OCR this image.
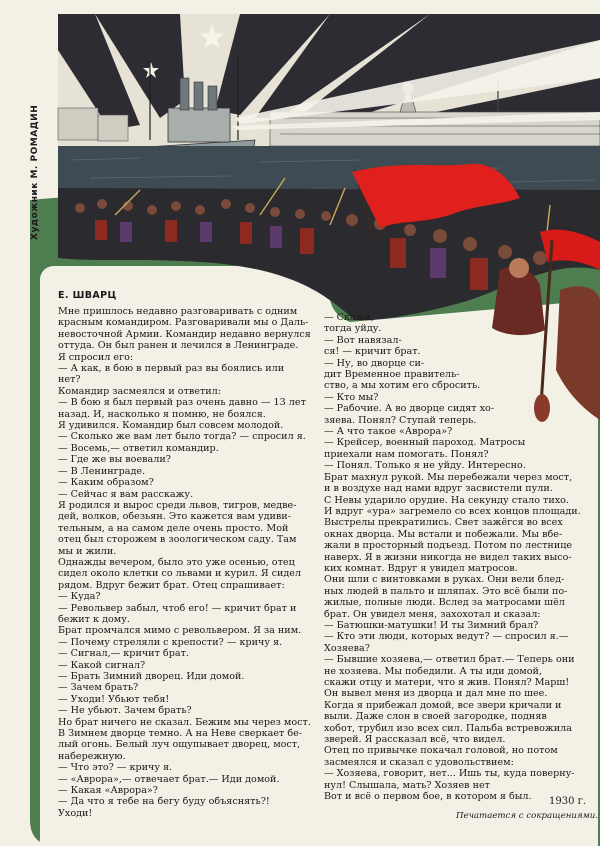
Художник М. РОМАДИН
Е. ШВАРЦ

Мне пришлось недавно разговаривать с одним

красным командиром. Разговаривали мы о Даль-

невосточной Армии. Командир недавно вернулся

оттуда. Он был ранен и лечился в Ленинграде.

Я спросил его:

— А как, в бою в первый раз вы боялись или

нет?

Командир засмеялся и ответил:

— В бою я был первый раз очень давно — 13 лет

назад. И, насколько я помню, не боялся.

Я удивился. Командир был совсем молодой.

— Сколько же вам лет было тогда? — спросил я.

— Восемь,— ответил командир.

— Где же вы воевали?

— В Ленинграде.

— Каким образом?

— Сейчас я вам расскажу.

Я родился и вырос среди львов, тигров, медве-

дей, волков, обезьян. Это кажется вам удиви-

тельным, а на самом деле очень просто. Мой

отец был сторожем в зоологическом саду. Там

мы и жили.

Однажды вечером, было это уже осенью, отец

сидел около клетки со львами и курил. Я сидел

рядом. Вдруг бежит брат. Отец спрашивает:

— Куда?

— Револьвер забыл, чтоб его! — кричит брат и

бежит к дому.

Брат промчался мимо с револьвером. Я за ним.

— Почему стреляли с крепости? — кричу я.

— Сигнал,— кричит брат.

— Какой сигнал?

— Брать Зимний дворец. Иди домой.

— Зачем брать?

— Уходи! Убьют тебя!

— Не убьют. Зачем брать?

Но брат ничего не сказал. Бежим мы через мост.

В Зимнем дворце темно. А на Неве сверкает бе-

лый огонь. Белый луч ощупывает дворец, мост,

набережную.

— Что это? — кричу я.

— «Аврора»,— отвечает брат.— Иди домой.

— Какая «Аврора»?

— Да что я тебе на бегу буду объяснять?!

Уходи!

— Скажи,

тогда уйду.

— Вот навязал-

ся! — кричит брат.

— Ну, во дворце си-

дит Временное правитель-

ство, а мы хотим его сбросить.

— Кто мы?

— Рабочие. А во дворце сидят хо-

зяева. Понял? Ступай теперь.

— А что такое «Аврора»?

— Крейсер, военный пароход. Матросы

приехали нам помогать. Понял?

— Понял. Только я не уйду. Интересно.

Брат махнул рукой. Мы перебежали через мост,

и в воздухе над нами вдруг засвистели пули.

С Невы ударило орудие. На секунду стало тихо.

И вдруг «ура» загремело со всех концов площади.

Выстрелы прекратились. Свет зажёгся во всех

окнах дворца. Мы встали и побежали. Мы вбе-

жали в просторный подъезд. Потом по лестнице

наверх. Я в жизни никогда не видел таких высо-

ких комнат. Вдруг я увидел матросов.

Они шли с винтовками в руках. Они вели блед-

ных людей в пальто и шляпах. Это всё были по-

жилые, полные люди. Вслед за матросами шёл

брат. Он увидел меня, захохотал и сказал:

— Батюшки-матушки! И ты Зимний брал?

— Кто эти люди, которых ведут? — спросил я.—

Хозяева?

— Бывшие хозяева,— ответил брат.— Теперь они

не хозяева. Мы победили. А ты иди домой,

скажи отцу и матери, что я жив. Понял? Марш!

Он вывел меня из дворца и дал мне по шее.

Когда я прибежал домой, все звери кричали и

выли. Даже слон в своей загородке, подняв

хобот, трубил изо всех сил. Пальба встревожила

зверей. Я рассказал всё, что видел.

Отец по привычке покачал головой, но потом

засмеялся и сказал с удовольствием:

— Хозяева, говорит, нет... Ишь ты, куда поверну-

нул! Слышала, мать? Хозяев нет

Вот и всё о первом бое, в котором я был.	1930 г.
Печатается с сокращениями.
